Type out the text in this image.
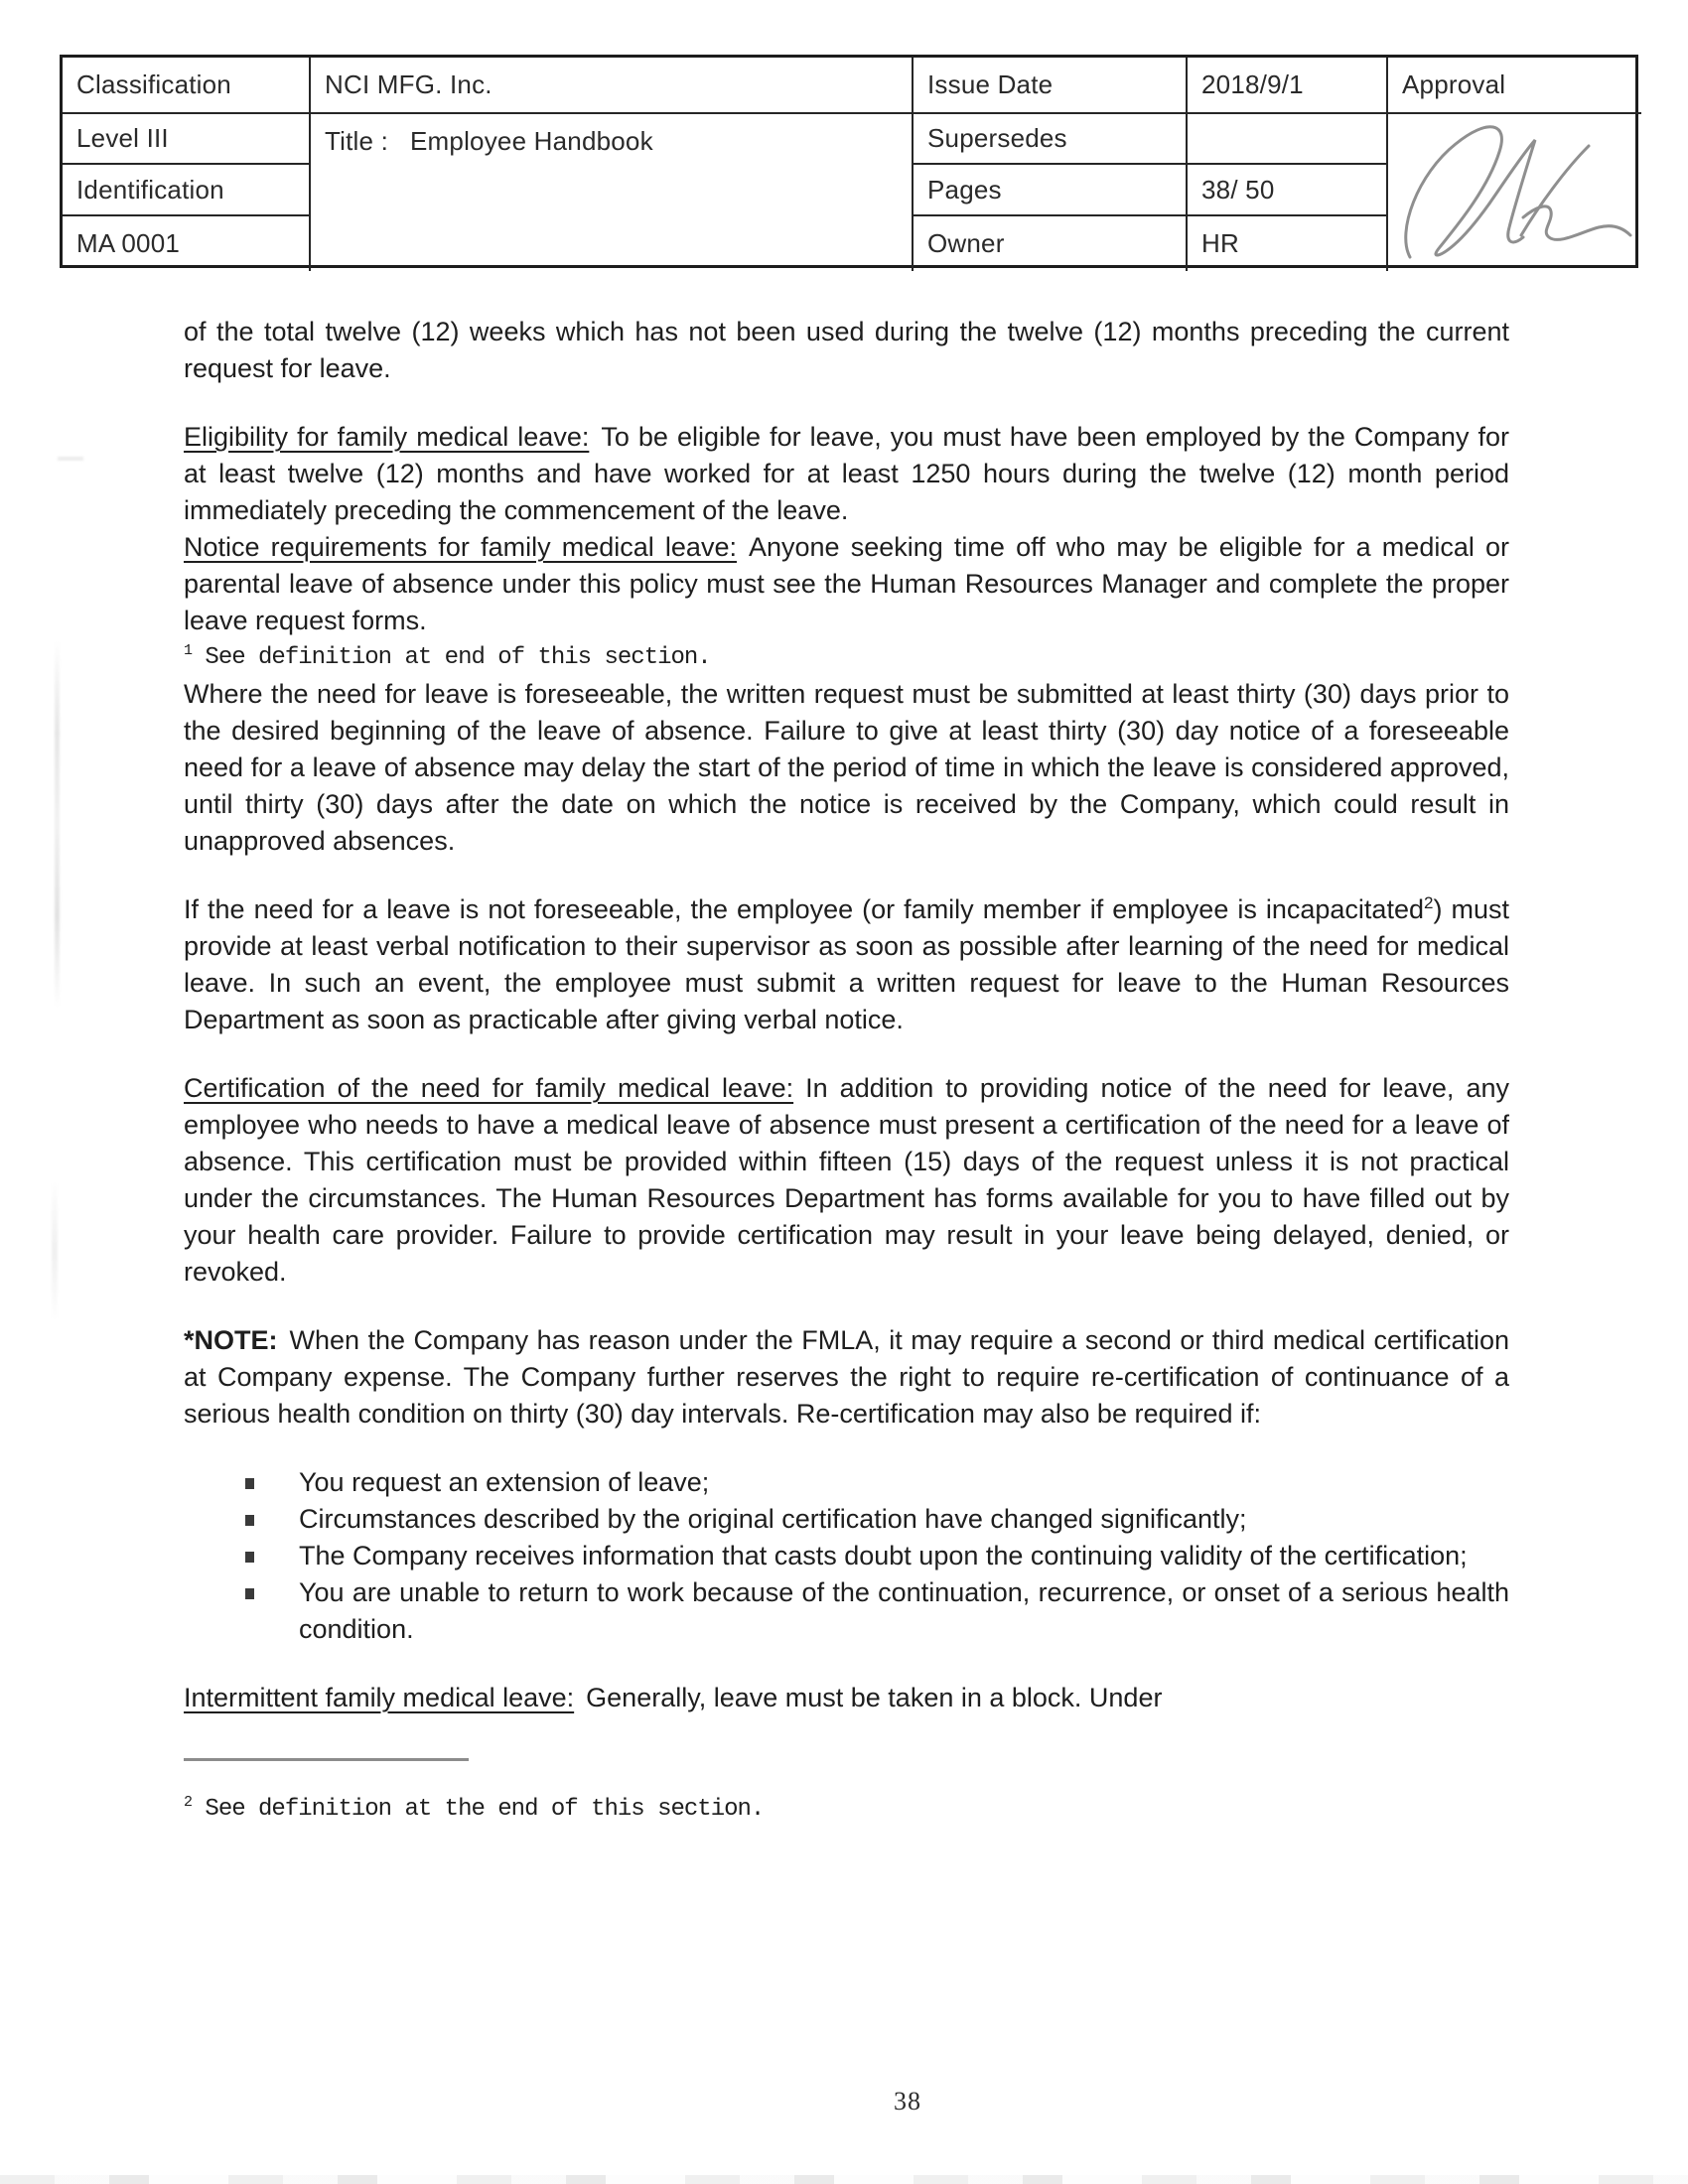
Classification	NCI MFG. Inc.	Issue Date	2018/9/1	Approval
Level III	Title : Employee Handbook	Supersedes
Identification	Pages	38/ 50
MA 0001	Owner	HR

of the total twelve (12) weeks which has not been used during the twelve (12) months preceding the current request for leave.

Eligibility for family medical leave: To be eligible for leave, you must have been employed by the Company for at least twelve (12) months and have worked for at least 1250 hours during the twelve (12) month period immediately preceding the commencement of the leave.

Notice requirements for family medical leave: Anyone seeking time off who may be eligible for a medical or parental leave of absence under this policy must see the Human Resources Manager and complete the proper leave request forms.

$^1$ See definition at end of this section.

Where the need for leave is foreseeable, the written request must be submitted at least thirty (30) days prior to the desired beginning of the leave of absence. Failure to give at least thirty (30) day notice of a foreseeable need for a leave of absence may delay the start of the period of time in which the leave is considered approved, until thirty (30) days after the date on which the notice is received by the Company, which could result in unapproved absences.

If the need for a leave is not foreseeable, the employee (or family member if employee is incapacitated$^2$) must provide at least verbal notification to their supervisor as soon as possible after learning of the need for medical leave. In such an event, the employee must submit a written request for leave to the Human Resources Department as soon as practicable after giving verbal notice.

Certification of the need for family medical leave: In addition to providing notice of the need for leave, any employee who needs to have a medical leave of absence must present a certification of the need for a leave of absence. This certification must be provided within fifteen (15) days of the request unless it is not practical under the circumstances. The Human Resources Department has forms available for you to have filled out by your health care provider. Failure to provide certification may result in your leave being delayed, denied, or revoked.

*NOTE: When the Company has reason under the FMLA, it may require a second or third medical certification at Company expense. The Company further reserves the right to require re-certification of continuance of a serious health condition on thirty (30) day intervals. Re-certification may also be required if:

You request an extension of leave;
Circumstances described by the original certification have changed significantly;
The Company receives information that casts doubt upon the continuing validity of the certification;
You are unable to return to work because of the continuation, recurrence, or onset of a serious health condition.

Intermittent family medical leave: Generally, leave must be taken in a block. Under

$^2$ See definition at the end of this section.

38
